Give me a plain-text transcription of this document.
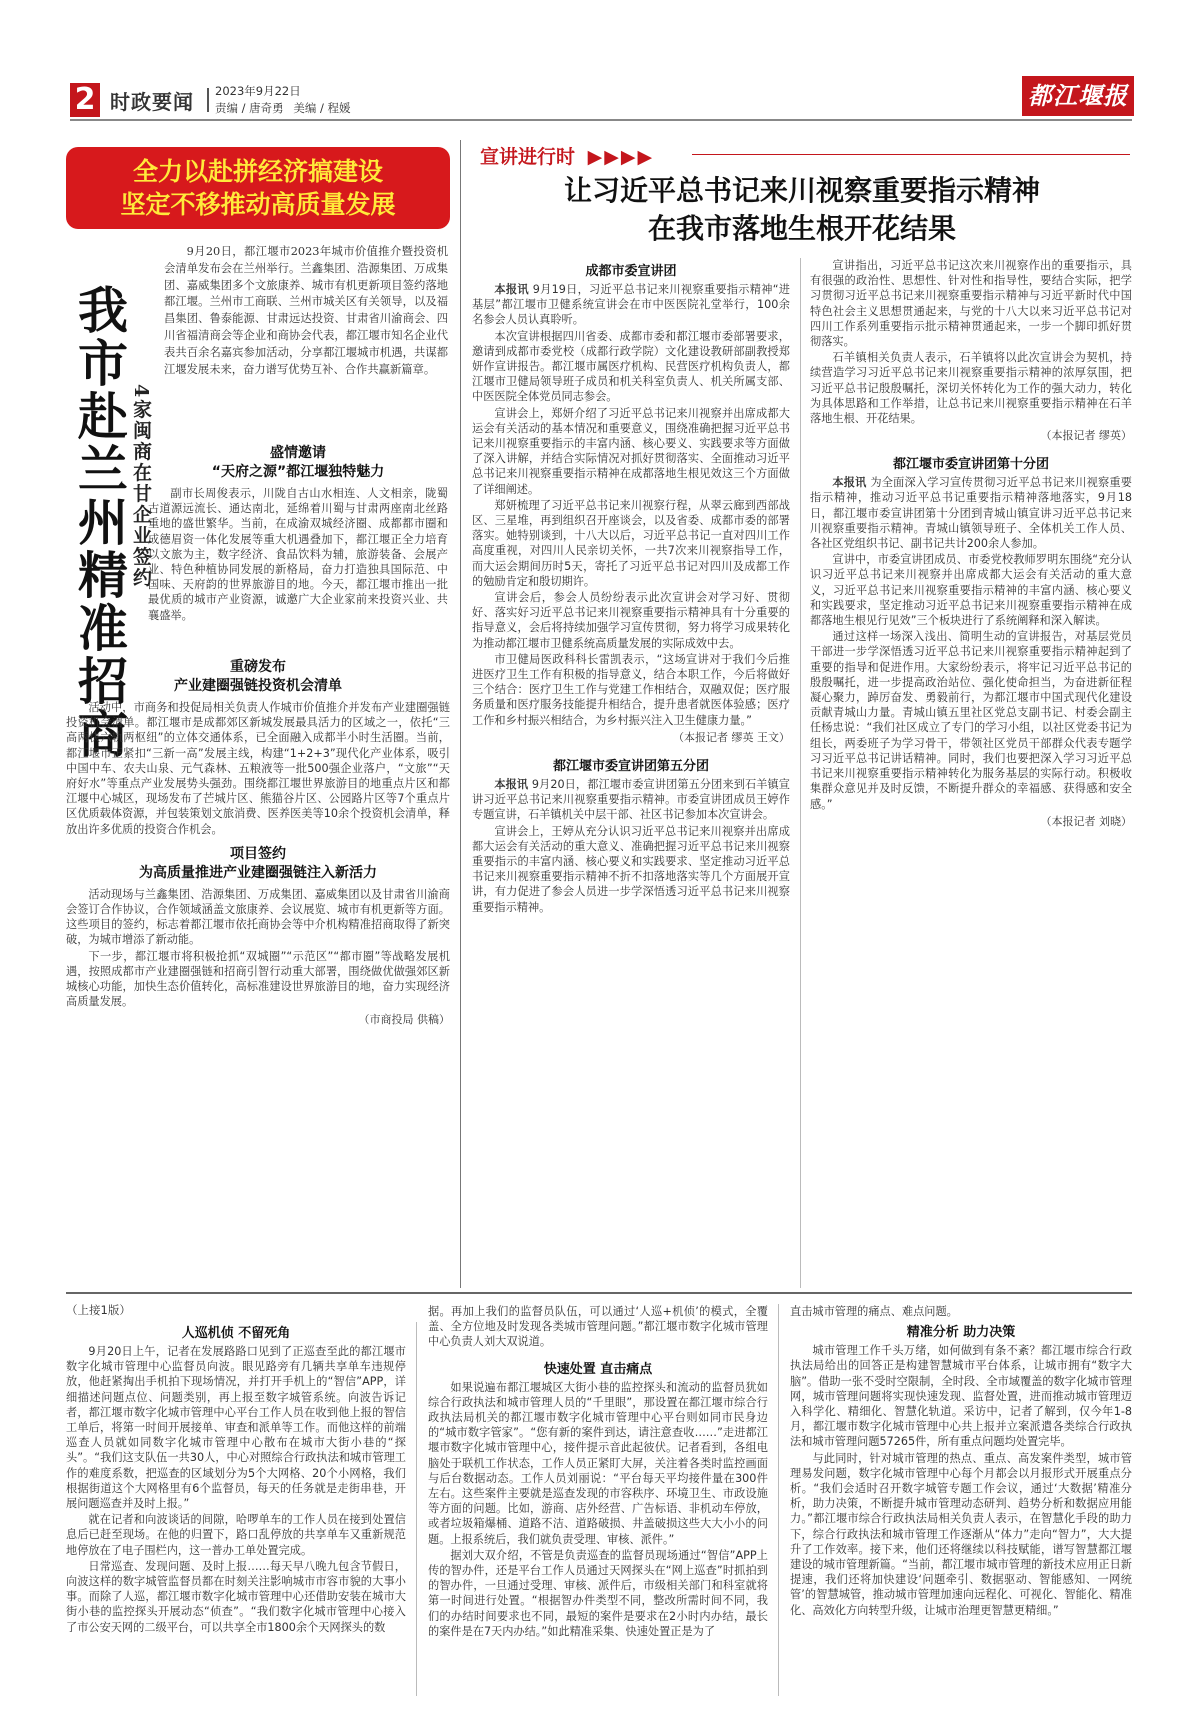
2 时政要闻 2023年9月22日
责编 / 唐奇勇 美编 / 程媛	都江堰报
全力以赴拼经济搞建设
坚定不移推动高质量发展
我市赴兰州精准招商 4家闽商在甘企业签约

9月20日，都江堰市2023年城市价值推介暨投资机会清单发布会在兰州举行。兰鑫集团、浩源集团、万成集团、嘉威集团多个文旅康养、城市有机更新项目签约落地都江堰。兰州市工商联、兰州市城关区有关领导，以及福昌集团、鲁泰能源、甘肃远达投资、甘肃省川渝商会、四川省福清商会等企业和商协会代表，都江堰市知名企业代表共百余名嘉宾参加活动，分享都江堰城市机遇，共谋都江堰发展未来，奋力谱写优势互补、合作共赢新篇章。

盛情邀请
“天府之源”都江堰独特魅力

副市长周俊表示，川陇自古山水相连、人文相亲，陇蜀古道源远流长、通达南北，延绵着川蜀与甘肃两座南北丝路重地的盛世繁华。当前，在成渝双城经济圈、成都都市圈和成德眉资一体化发展等重大机遇叠加下，都江堰正全力培育以文旅为主，数字经济、食品饮料为辅，旅游装备、会展产业、特色种植协同发展的新格局，奋力打造独具国际范、中国味、天府韵的世界旅游目的地。今天，都江堰市推出一批最优质的城市产业资源，诚邀广大企业家前来投资兴业、共襄盛举。

重磅发布
产业建圈强链投资机会清单

活动中，市商务和投促局相关负责人作城市价值推介并发布产业建圈强链投资机会清单。都江堰市是成都郊区新城发展最具活力的区域之一，依托“三高两快六轨两枢纽”的立体交通体系，已全面融入成都半小时生活圈。当前，都江堰市正紧扣“三新一高”发展主线，构建“1+2+3”现代化产业体系，吸引中国中车、农夫山泉、元气森林、五粮液等一批500强企业落户，“文旅”“天府好水”等重点产业发展势头强劲。围绕都江堰世界旅游目的地重点片区和都江堰中心城区，现场发布了芒城片区、熊猫谷片区、公园路片区等7个重点片区优质载体资源，并包装策划文旅消费、医养医美等10余个投资机会清单，释放出许多优质的投资合作机会。

项目签约
为高质量推进产业建圈强链注入新活力

活动现场与兰鑫集团、浩源集团、万成集团、嘉威集团以及甘肃省川渝商会签订合作协议，合作领域涵盖文旅康养、会议展览、城市有机更新等方面。这些项目的签约，标志着都江堰市依托商协会等中介机构精准招商取得了新突破，为城市增添了新动能。

下一步，都江堰市将积极抢抓“双城圈”“示范区”“都市圈”等战略发展机遇，按照成都市产业建圈强链和招商引智行动重大部署，围绕做优做强郊区新城核心功能，加快生态价值转化，高标准建设世界旅游目的地，奋力实现经济高质量发展。

（市商投局 供稿）

宣讲进行时 ▶▶▶▶
让习近平总书记来川视察重要指示精神
在我市落地生根开花结果
成都市委宣讲团

本报讯 9月19日，习近平总书记来川视察重要指示精神“进基层”都江堰市卫健系统宣讲会在市中医医院礼堂举行，100余名参会人员认真聆听。

本次宣讲根据四川省委、成都市委和都江堰市委部署要求，邀请到成都市委党校（成都行政学院）文化建设教研部副教授郑妍作宣讲报告。都江堰市属医疗机构、民营医疗机构负责人，都江堰市卫健局领导班子成员和机关科室负责人、机关所属支部、中医医院全体党员同志参会。

宣讲会上，郑妍介绍了习近平总书记来川视察并出席成都大运会有关活动的基本情况和重要意义，围绕准确把握习近平总书记来川视察重要指示的丰富内涵、核心要义、实践要求等方面做了深入讲解，并结合实际情况对抓好贯彻落实、全面推动习近平总书记来川视察重要指示精神在成都落地生根见效这三个方面做了详细阐述。

郑妍梳理了习近平总书记来川视察行程，从翠云廊到西部战区、三星堆，再到组织召开座谈会，以及省委、成都市委的部署落实。她特别谈到，十八大以后，习近平总书记一直对四川工作高度重视，对四川人民亲切关怀，一共7次来川视察指导工作，而大运会期间历时5天，寄托了习近平总书记对四川及成都工作的勉励肯定和殷切期许。

宣讲会后，参会人员纷纷表示此次宣讲会对学习好、贯彻好、落实好习近平总书记来川视察重要指示精神具有十分重要的指导意义，会后将持续加强学习宣传贯彻，努力将学习成果转化为推动都江堰市卫健系统高质量发展的实际成效中去。

市卫健局医政科科长雷凯表示，“这场宣讲对于我们今后推进医疗卫生工作有积极的指导意义，结合本职工作，今后将做好三个结合：医疗卫生工作与党建工作相结合，双融双促；医疗服务质量和医疗服务技能提升相结合，提升患者就医体验感；医疗工作和乡村振兴相结合，为乡村振兴注入卫生健康力量。”

（本报记者 缪英 王文）

都江堰市委宣讲团第五分团

本报讯 9月20日，都江堰市委宣讲团第五分团来到石羊镇宣讲习近平总书记来川视察重要指示精神。市委宣讲团成员王婷作专题宣讲，石羊镇机关中层干部、社区书记参加本次宣讲会。

宣讲会上，王婷从充分认识习近平总书记来川视察并出席成都大运会有关活动的重大意义、准确把握习近平总书记来川视察重要指示的丰富内涵、核心要义和实践要求、坚定推动习近平总书记来川视察重要指示精神不折不扣落地落实等几个方面展开宣讲，有力促进了参会人员进一步学深悟透习近平总书记来川视察重要指示精神。

宣讲指出，习近平总书记这次来川视察作出的重要指示，具有很强的政治性、思想性、针对性和指导性，要结合实际，把学习贯彻习近平总书记来川视察重要指示精神与习近平新时代中国特色社会主义思想贯通起来，与党的十八大以来习近平总书记对四川工作系列重要指示批示精神贯通起来，一步一个脚印抓好贯彻落实。

石羊镇相关负责人表示，石羊镇将以此次宣讲会为契机，持续营造学习习近平总书记来川视察重要指示精神的浓厚氛围，把习近平总书记殷殷嘱托，深切关怀转化为工作的强大动力，转化为具体思路和工作举措，让总书记来川视察重要指示精神在石羊落地生根、开花结果。

（本报记者 缪英）

都江堰市委宣讲团第十分团

本报讯 为全面深入学习宣传贯彻习近平总书记来川视察重要指示精神，推动习近平总书记重要指示精神落地落实，9月18日，都江堰市委宣讲团第十分团到青城山镇宣讲习近平总书记来川视察重要指示精神。青城山镇领导班子、全体机关工作人员、各社区党组织书记、副书记共计200余人参加。

宣讲中，市委宣讲团成员、市委党校教师罗明东围绕“充分认识习近平总书记来川视察并出席成都大运会有关活动的重大意义，习近平总书记来川视察重要指示精神的丰富内涵、核心要义和实践要求，坚定推动习近平总书记来川视察重要指示精神在成都落地生根见行见效”三个板块进行了系统阐释和深入解读。

通过这样一场深入浅出、简明生动的宣讲报告，对基层党员干部进一步学深悟透习近平总书记来川视察重要指示精神起到了重要的指导和促进作用。大家纷纷表示，将牢记习近平总书记的殷殷嘱托，进一步提高政治站位、强化使命担当，为奋进新征程凝心聚力，踔厉奋发、勇毅前行，为都江堰市中国式现代化建设贡献青城山力量。青城山镇五里社区党总支副书记、村委会副主任杨忠说：“我们社区成立了专门的学习小组，以社区党委书记为组长，两委班子为学习骨干，带领社区党员干部群众代表专题学习习近平总书记讲话精神。同时，我们也要把深入学习习近平总书记来川视察重要指示精神转化为服务基层的实际行动。积极收集群众意见并及时反馈，不断提升群众的幸福感、获得感和安全感。”

（本报记者 刘晓）

（上接1版）
人巡机侦 不留死角

9月20日上午，记者在发展路路口见到了正巡查至此的都江堰市数字化城市管理中心监督员向波。眼见路旁有几辆共享单车违规停放，他赶紧掏出手机拍下现场情况，并打开手机上的“智信”APP，详细描述问题点位、问题类别，再上报至数字城管系统。向波告诉记者，都江堰市数字化城市管理中心平台工作人员在收到他上报的智信工单后，将第一时间开展接单、审查和派单等工作。而他这样的前端巡查人员就如同数字化城市管理中心散布在城市大街小巷的“探头”。“我们这支队伍一共30人，中心对照综合行政执法和城市管理工作的难度系数，把巡查的区域划分为5个大网格、20个小网格，我们根据街道这个大网格里有6个监督员，每天的任务就是走街串巷，开展问题巡查并及时上报。”

就在记者和向波谈话的间隙，哈啰单车的工作人员在接到处置信息后已赶至现场。在他的归置下，路口乱停放的共享单车又重新规范地停放在了电子围栏内，这一普办工单处置完成。

日常巡查、发现问题、及时上报……每天早八晚九包含节假日，向波这样的数字城管监督员都在时刻关注影响城市市容市貌的大事小事。而除了人巡，都江堰市数字化城市管理中心还借助安装在城市大街小巷的监控探头开展动态“侦查”。“我们数字化城市管理中心接入了市公安天网的二级平台，可以共享全市1800余个天网探头的数

据。再加上我们的监督员队伍，可以通过‘人巡+机侦’的模式，全覆盖、全方位地及时发现各类城市管理问题。”都江堰市数字化城市管理中心负责人刘大双说道。

快速处置 直击痛点

如果说遍布都江堰城区大街小巷的监控探头和流动的监督员犹如综合行政执法和城市管理人员的“千里眼”，那设置在都江堰市综合行政执法局机关的都江堰市数字化城市管理中心平台则如同市民身边的“城市数字管家”。“您有新的案件到达，请注意查收……”走进都江堰市数字化城市管理中心，接件提示音此起彼伏。记者看到，各组电脑处于联机工作状态，工作人员正紧盯大屏，关注着各类时监控画面与后台数据动态。工作人员刘丽说：“平台每天平均接件量在300件左右。这些案件主要就是巡查发现的市容秩序、环境卫生、市政设施等方面的问题。比如，游商、店外经营、广告标语、非机动车停放，或者垃圾箱爆桶、道路不洁、道路破损、井盖破损这些大大小小的问题。上报系统后，我们就负责受理、审核、派件。”

据刘大双介绍，不管是负责巡查的监督员现场通过“智信”APP上传的智办件，还是平台工作人员通过天网探头在“网上巡查”时抓拍到的智办件，一旦通过受理、审核、派件后，市级相关部门和科室就将第一时间进行处置。“根据智办件类型不同，整改所需时间不同，我们的办结时间要求也不同，最短的案件是要求在2小时内办结，最长的案件是在7天内办结。”如此精准采集、快速处置正是为了

直击城市管理的痛点、难点问题。

精准分析 助力决策

城市管理工作千头万绪，如何做到有条不紊？都江堰市综合行政执法局给出的回答正是构建智慧城市平台体系，让城市拥有“数字大脑”。借助一张不受时空限制，全时段、全市域覆盖的数字化城市管理网，城市管理问题将实现快速发现、监督处置，进而推动城市管理迈入科学化、精细化、智慧化轨道。采访中，记者了解到，仅今年1-8月，都江堰市数字化城市管理中心共上报并立案派遣各类综合行政执法和城市管理问题57265件，所有重点问题均处置完毕。

与此同时，针对城市管理的热点、重点、高发案件类型，城市管理易发问题，数字化城市管理中心每个月都会以月报形式开展重点分析。“我们会适时召开数字城管专题工作会议，通过‘大数据’精准分析，助力决策，不断提升城市管理动态研判、趋势分析和数据应用能力。”都江堰市综合行政执法局相关负责人表示，在智慧化手段的助力下，综合行政执法和城市管理工作逐渐从“体力”走向“智力”，大大提升了工作效率。接下来，他们还将继续以科技赋能，谱写智慧都江堰建设的城市管理新篇。“当前，都江堰市城市管理的新技术应用正日新提速，我们还将加快建设‘问题牵引、数据驱动、智能感知、一网统管’的智慧城管，推动城市管理加速向远程化、可视化、智能化、精准化、高效化方向转型升级，让城市治理更智慧更精细。”
